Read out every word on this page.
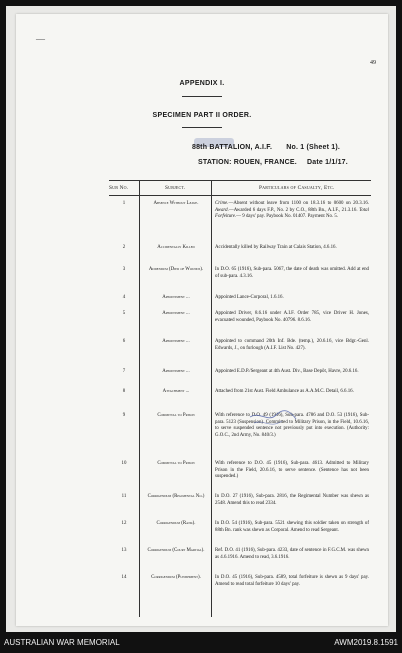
—
49
APPENDIX I.
SPECIMEN PART II ORDER.
88th BATTALION, A.I.F. No. 1 (Sheet 1).
STATION: ROUEN, FRANCE. Date 1/1/17.
Sub No.	Subject.	Particulars of Casualty, Etc.
1	Absence Without Leave.	Crime.—Absent without leave from 1100 on 18.3.16 to 0600 on 20.3.16. Award.—Awarded 6 days F.P., No. 2 by C.O., 88th Bn., A.I.F., 21.3.16. Total Forfeiture.— 9 days' pay. Paybook No. 01407. Payment No. 5.
2	Accidentally Killed	Accidentally killed by Railway Train at Calais Station, 4.6.16.
3	Addendum (Died of Wounds).	In D.O. 65 (1916), Sub-para. 5067, the date of death was omitted. Add at end of sub-para. 4.3.16.
4	Appointment ...	Appointed Lance-Corporal, 1.6.16.
5	Appointment ...	Appointed Driver, 8.6.16 under A.I.F. Order 785, vice Driver H. Jones, evacuated wounded, Paybook No. 40796. 8.6.16.
6	Appointment ...	Appointed to command 20th Inf. Bde. (temp.), 20.6.16, vice Bdgr.-Genl. Edwards, J., on furlough (A.I.F. List No. 427).
7	Appointment ...	Appointed E.D.P./Sergeant at 4th Aust. Div., Base Depôt, Havre, 20.6.16.
8	Attachment ...	Attached from 21st Aust. Field Ambulance as A.A.M.C. Detail, 6.6.16.
9	Committal to Prison	With reference to D.O. 49 (1916), Sub-para. 4786 and D.O. 53 (1916), Sub-para. 5123 (Suspension). Committed to Military Prison, in the Field, 10.6.16, to serve suspended sentence not previously put into execution. (Authority: G.O.C., 2nd Army, No. 840/3.)
10	Committal to Prison	With reference to D.O. 45 (1916), Sub-para. 4613. Admitted to Military Prison in the Field, 20.6.16, to serve sentence. (Sentence has not been suspended.)
11	Corrigendum (Regimental No.)	In D.O. 27 (1916), Sub-para. 2816, the Regimental Number was shewn as 2548. Amend this to read 2334.
12	Corrigendum (Rank).	In D.O. 54 (1916), Sub-para. 5521 shewing this soldier taken on strength of 88th Bn. rank was shewn as Corporal. Amend to read Sergeant.
13	Corrigendum (Court Martial).	Ref. D.O. 41 (1916), Sub-para. 4233, date of sentence in F.G.C.M. was shewn as 4.6.1916. Amend to read, 3.6.1916.
14	Corrigendum (Punishment).	In D.O. 45 (1916), Sub-para. 4589, total forfeiture is shewn as 9 days' pay. Amend to read total forfeiture 10 days' pay.
AUSTRALIAN WAR MEMORIAL	AWM2019.8.1591
